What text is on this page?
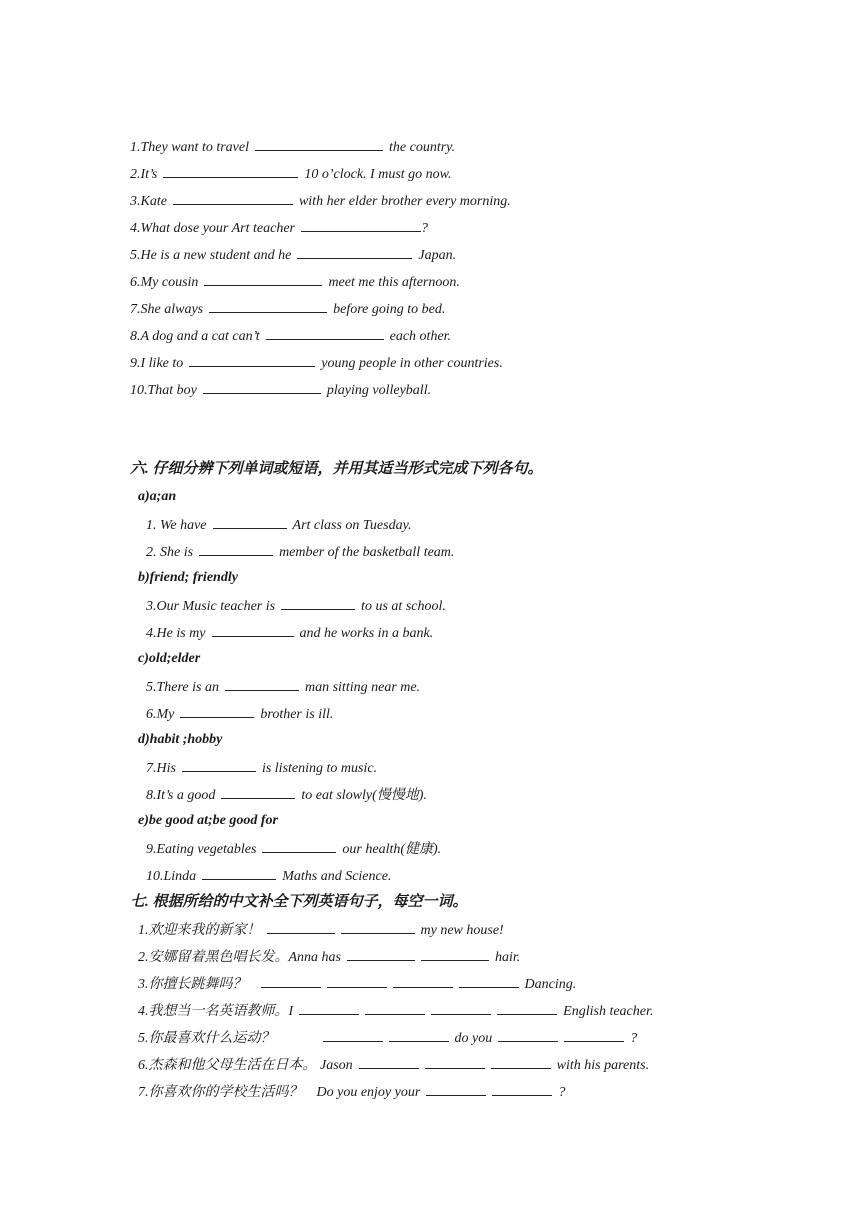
1.They want to travel	the country.
2.It’s	10 o’clock. I must go now.
3.Kate	with her elder brother every morning.
4.What dose your Art teacher	?
5.He is a new student and he	Japan.
6.My cousin	meet me this afternoon.
7.She always	before going to bed.
8.A dog and a cat can’t	each other.
9.I like to	young people in other countries.
10.That boy	playing volleyball.
六. 仔细分辨下列单词或短语，并用其适当形式完成下列各句。
a)a;an
1. We have	Art class on Tuesday.
2. She is	member of the basketball team.
b)friend; friendly
3.Our Music teacher is	to us at school.
4.He is my	and he works in a bank.
c)old;elder
5.There is an	man sitting near me.
6.My	brother is ill.
d)habit ;hobby
7.His	is listening to music.
8.It’s a good	to eat slowly(慢慢地).
e)be good at;be good for
9.Eating vegetables	our health(健康).
10.Linda	Maths and Science.
七. 根据所给的中文补全下列英语句子，每空一词。
1.欢迎来我的新家！	my new house!
2.安娜留着黑色唱长发。Anna has	hair.
3.你擅长跳舞吗？	Dancing.
4.我想当一名英语教师。I	English teacher.
5.你最喜欢什么运动？	do you	?
6.杰森和他父母生活在日本。 Jason	with his parents.
7.你喜欢你的学校生活吗？ Do you enjoy your	?
